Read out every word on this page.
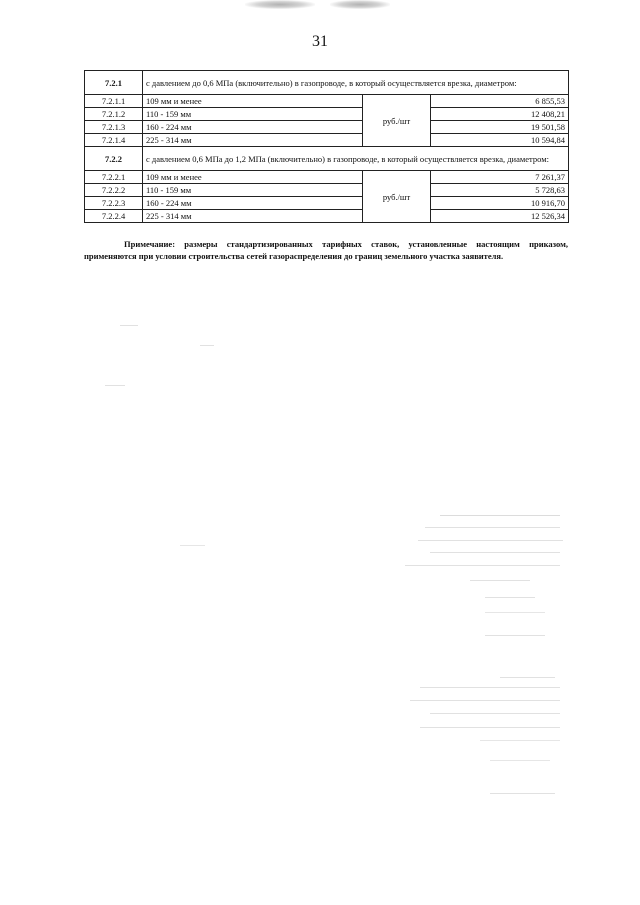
31
7.2.1	с давлением до 0,6 МПа (включительно) в газопроводе, в который осуществляется врезка, диаметром:		
7.2.1.1	109 мм и менее	руб./шт	6 855,53
7.2.1.2	110 - 159 мм		12 408,21
7.2.1.3	160 - 224 мм		19 501,58
7.2.1.4	225 - 314 мм		10 594,84
7.2.2	с давлением 0,6 МПа до 1,2 МПа (включительно) в газопроводе, в который осуществляется врезка, диаметром:		
7.2.2.1	109 мм и менее	руб./шт	7 261,37
7.2.2.2	110 - 159 мм		5 728,63
7.2.2.3	160 - 224 мм		10 916,70
7.2.2.4	225 - 314 мм		12 526,34
Примечание: размеры стандартизированных тарифных ставок, установленные настоящим приказом, применяются при условии строительства сетей газораспределения до границ земельного участка заявителя.
